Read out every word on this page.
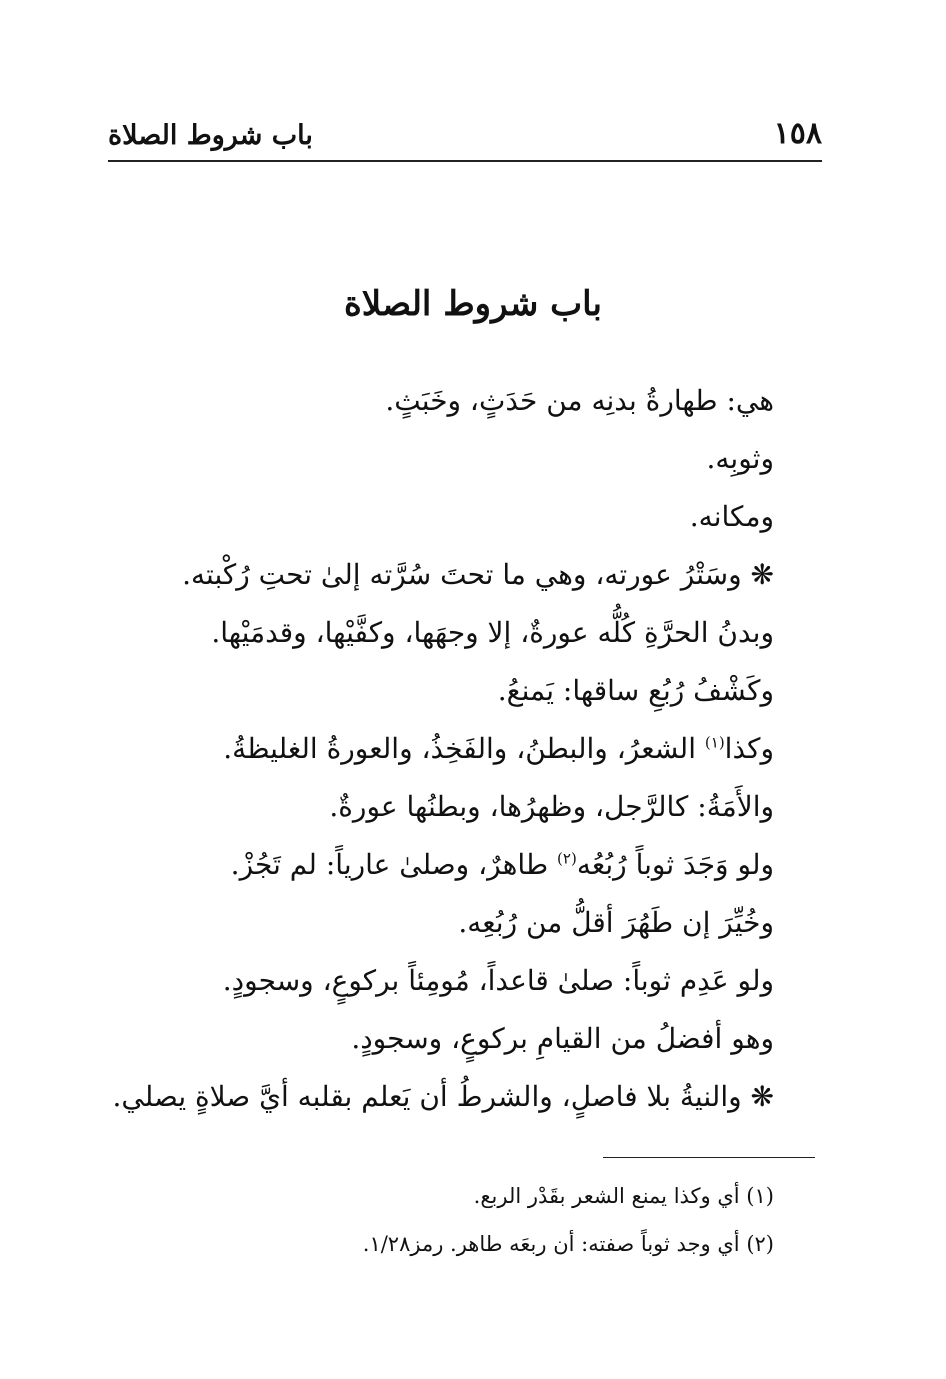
١٥٨
باب شروط الصلاة
باب شروط الصلاة
هي: طهارةُ بدنِه من حَدَثٍ، وخَبَثٍ.
وثوبِه.
ومكانه.
❋ وسَتْرُ عورته، وهي ما تحتَ سُرَّته إلىٰ تحتِ رُكْبته.
وبدنُ الحرَّةِ كُلُّه عورةٌ، إلا وجهَها، وكفَّيْها، وقدمَيْها.
وكَشْفُ رُبُعِ ساقها: يَمنعُ.
وكذا$^{(١)}$ الشعرُ، والبطنُ، والفَخِذُ، والعورةُ الغليظةُ.
والأَمَةُ: كالرَّجل، وظهرُها، وبطنُها عورةٌ.
ولو وَجَدَ ثوباً رُبُعُه$^{(٢)}$ طاهرٌ، وصلىٰ عارياً: لم تَجُزْ.
وخُيِّرَ إن طَهُرَ أقلُّ من رُبُعِه.
ولو عَدِم ثوباً: صلىٰ قاعداً، مُومِئاً بركوعٍ، وسجودٍ.
وهو أفضلُ من القيامِ بركوعٍ، وسجودٍ.
❋ والنيةُ بلا فاصلٍ، والشرطُ أن يَعلم بقلبه أيَّ صلاةٍ يصلي.
(١) أي وكذا يمنع الشعر بقَدْر الربع.
(٢) أي وجد ثوباً صفته: أن ربعَه طاهر. رمز١/٢٨.
